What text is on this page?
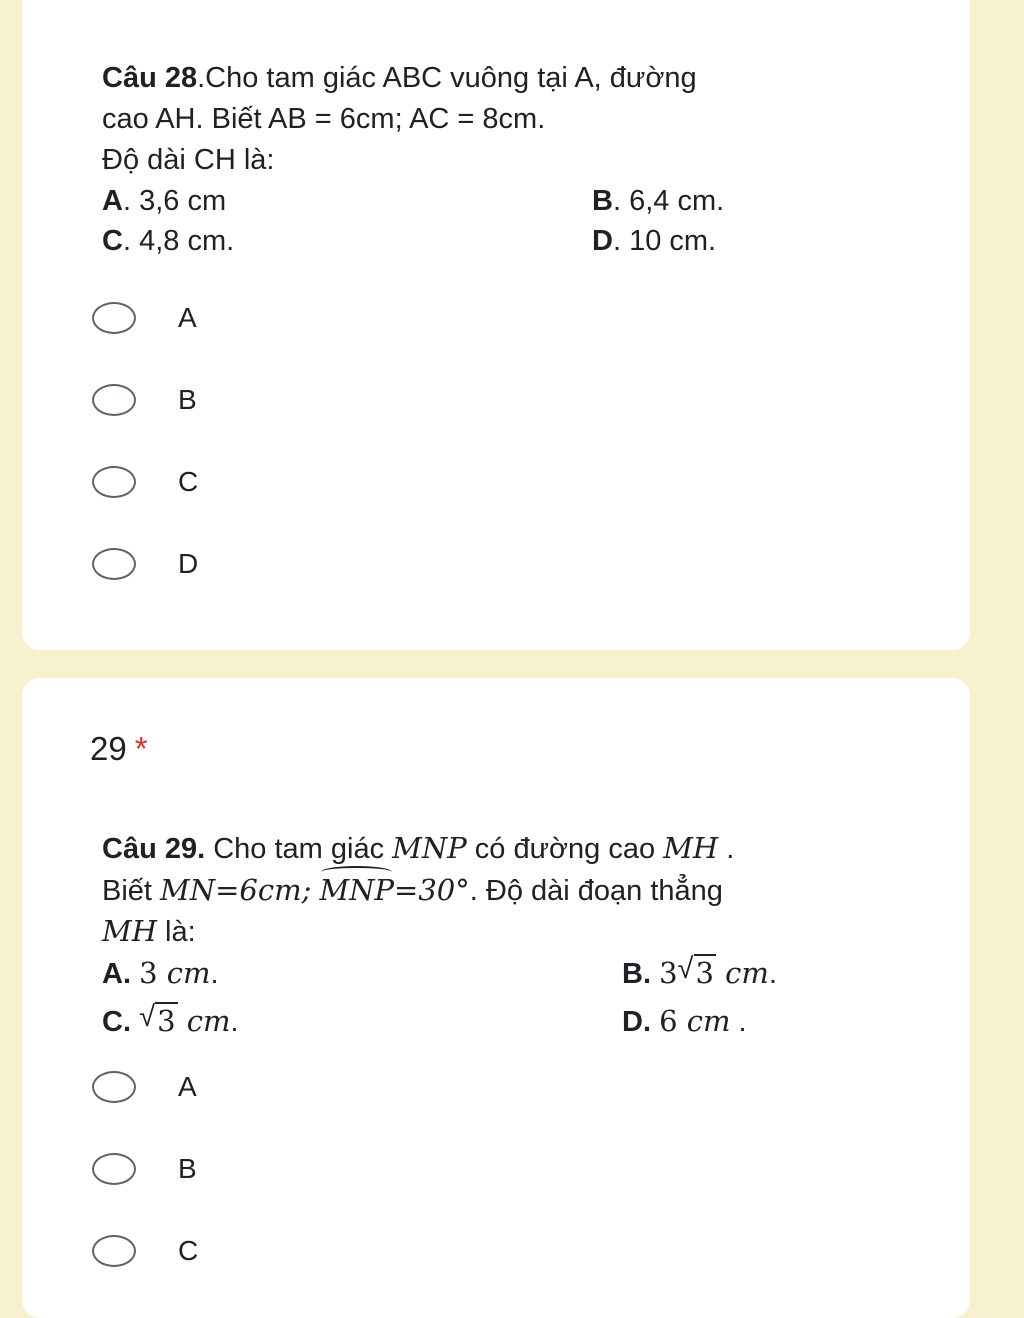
Câu 28.Cho tam giác ABC vuông tại A, đường
cao AH. Biết AB = 6cm; AC = 8cm.
Độ dài CH là:
A. 3,6 cm	B. 6,4 cm.
C. 4,8 cm.	D. 10 cm.
A
B
C
D
29 *
Câu 29. Cho tam giác MNP có đường cao MH .
Biết MN=6cm; MNP=30°. Độ dài đoạn thẳng
MH là:
A. 3 cm.	B. 3 √ 3 cm.
C. √ 3 cm.	D. 6 cm .
A
B
C
